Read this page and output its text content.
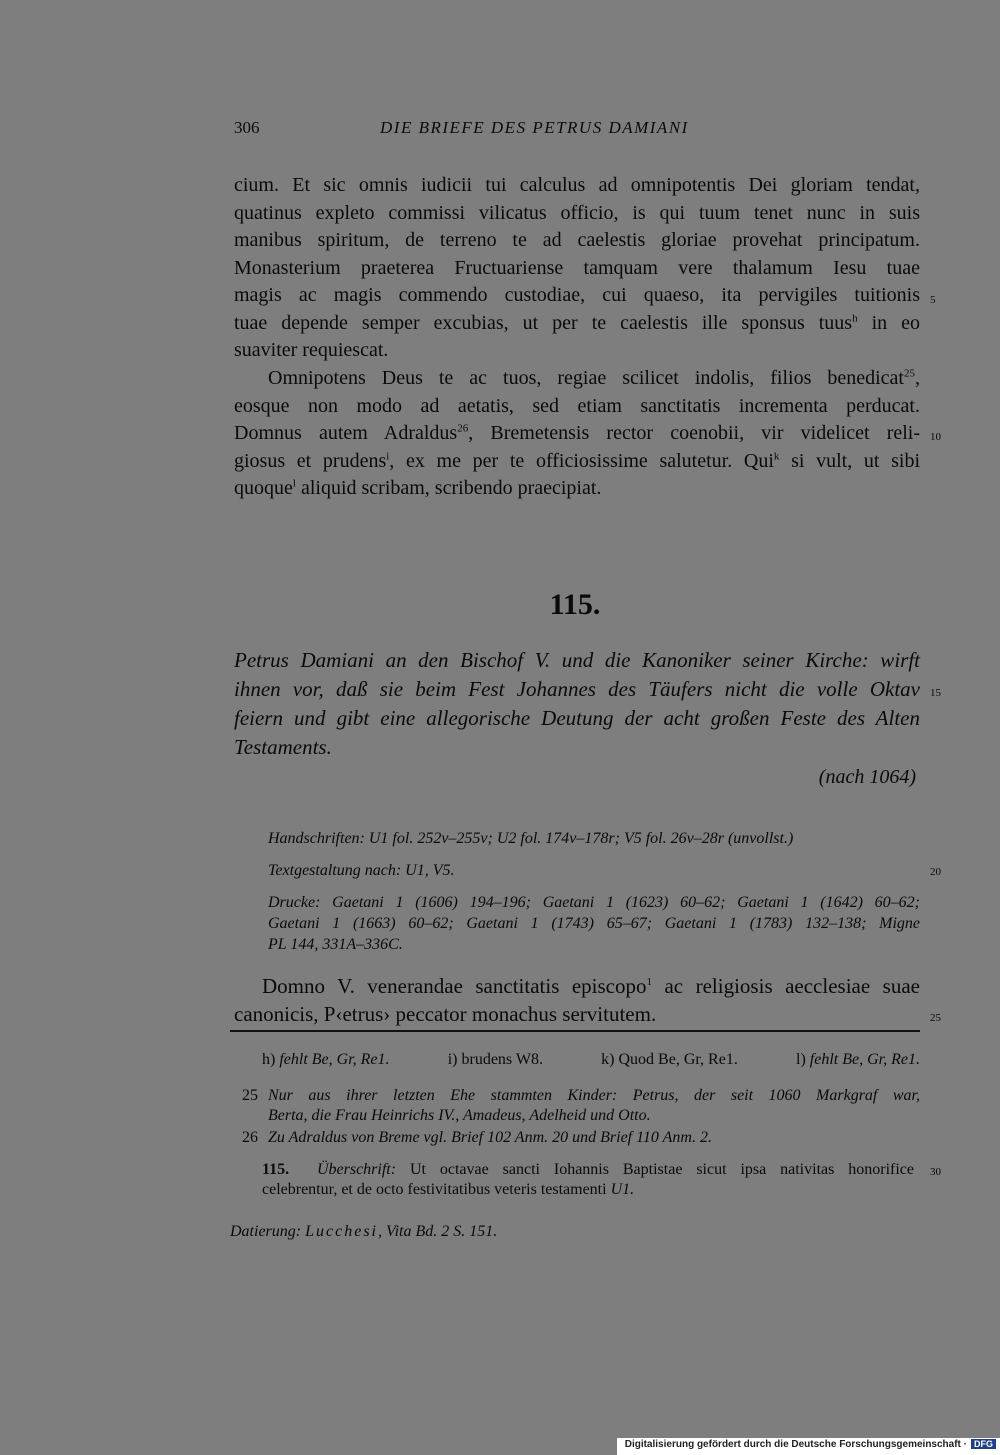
306	DIE BRIEFE DES PETRUS DAMIANI
cium. Et sic omnis iudicii tui calculus ad omnipotentis Dei gloriam tendat,
quatinus expleto commissi vilicatus officio, is qui tuum tenet nunc in suis
manibus spiritum, de terreno te ad caelestis gloriae provehat principatum.
Monasterium praeterea Fructuariense tamquam vere thalamum Iesu tuae
magis ac magis commendo custodiae, cui quaeso, ita pervigiles tuitionis
tuae depende semper excubias, ut per te caelestis ille sponsus tuus$^h$ in eo
suaviter requiescat.
Omnipotens Deus te ac tuos, regiae scilicet indolis, filios benedicat$^{25}$,
eosque non modo ad aetatis, sed etiam sanctitatis incrementa perducat.
Domnus autem Adraldus$^{26}$, Bremetensis rector coenobii, vir videlicet reli-
giosus et prudens$^i$, ex me per te officiosissime salutetur. Qui$^k$ si vult, ut sibi
quoque$^l$ aliquid scribam, scribendo praecipiat.
5
10
115.
Petrus Damiani an den Bischof V. und die Kanoniker seiner Kirche: wirft
ihnen vor, daß sie beim Fest Johannes des Täufers nicht die volle Oktav
feiern und gibt eine allegorische Deutung der acht großen Feste des Alten
Testaments.
15
(nach 1064)
Handschriften: U1 fol. 252v–255v; U2 fol. 174v–178r; V5 fol. 26v–28r (unvollst.)
Textgestaltung nach: U1, V5.	20
Drucke: Gaetani 1 (1606) 194–196; Gaetani 1 (1623) 60–62; Gaetani 1 (1642) 60–62;
Gaetani 1 (1663) 60–62; Gaetani 1 (1743) 65–67; Gaetani 1 (1783) 132–138; Migne
PL 144, 331A–336C.
Domno V. venerandae sanctitatis episcopo$^1$ ac religiosis aecclesiae suae
canonicis, P‹etrus› peccator monachus servitutem.	25
h) fehlt Be, Gr, Re1.	i) brudens W8.	k) Quod Be, Gr, Re1.	l) fehlt Be, Gr, Re1.
25 Nur aus ihrer letzten Ehe stammten Kinder: Petrus, der seit 1060 Markgraf war,
Berta, die Frau Heinrichs IV., Amadeus, Adelheid und Otto.
26 Zu Adraldus von Breme vgl. Brief 102 Anm. 20 und Brief 110 Anm. 2.
115. Überschrift: Ut octavae sancti Iohannis Baptistae sicut ipsa nativitas honorifice
celebrentur, et de octo festivitatibus veteris testamenti U1.
30
Datierung: Lucchesi, Vita Bd. 2 S. 151.
Digitalisierung gefördert durch die Deutsche Forschungsgemeinschaft · DFG
